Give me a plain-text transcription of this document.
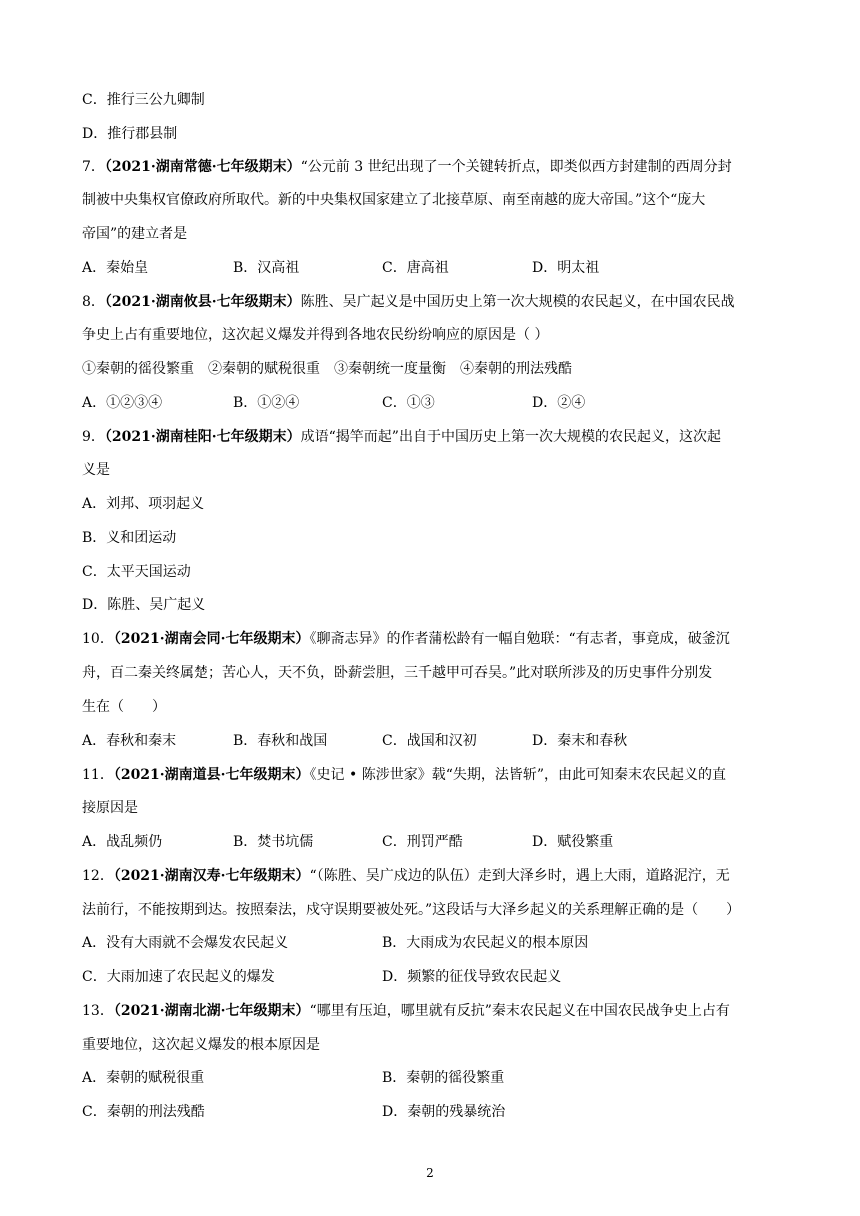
C．推行三公九卿制
D．推行郡县制
7．（2021·湖南常德·七年级期末）“公元前 3 世纪出现了一个关键转折点，即类似西方封建制的西周分封
制被中央集权官僚政府所取代。新的中央集权国家建立了北接草原、南至南越的庞大帝国。”这个“庞大
帝国”的建立者是
A．秦始皇	B．汉高祖	C．唐高祖	D．明太祖
8．（2021·湖南攸县·七年级期末）陈胜、吴广起义是中国历史上第一次大规模的农民起义，在中国农民战
争史上占有重要地位，这次起义爆发并得到各地农民纷纷响应的原因是（ ）
①秦朝的徭役繁重　②秦朝的赋税很重　③秦朝统一度量衡　④秦朝的刑法残酷
A．①②③④	B．①②④	C．①③	D．②④
9．（2021·湖南桂阳·七年级期末）成语“揭竿而起”出自于中国历史上第一次大规模的农民起义，这次起
义是
A．刘邦、项羽起义
B．义和团运动
C．太平天国运动
D．陈胜、吴广起义
10．（2021·湖南会同·七年级期末）《聊斋志异》的作者蒲松龄有一幅自勉联：“有志者，事竟成，破釜沉
舟，百二秦关终属楚；苦心人，天不负，卧薪尝胆，三千越甲可吞吴。”此对联所涉及的历史事件分别发
生在（　　）
A．春秋和秦末	B．春秋和战国	C．战国和汉初	D．秦末和春秋
11．（2021·湖南道县·七年级期末）《史记 • 陈涉世家》载“失期，法皆斩”，由此可知秦末农民起义的直
接原因是
A．战乱频仍	B．焚书坑儒	C．刑罚严酷	D．赋役繁重
12．（2021·湖南汉寿·七年级期末）“（陈胜、吴广戍边的队伍）走到大泽乡时，遇上大雨，道路泥泞，无
法前行，不能按期到达。按照秦法，戍守误期要被处死。”这段话与大泽乡起义的关系理解正确的是（　　）
A．没有大雨就不会爆发农民起义	B．大雨成为农民起义的根本原因
C．大雨加速了农民起义的爆发	D．频繁的征伐导致农民起义
13．（2021·湖南北湖·七年级期末）“哪里有压迫，哪里就有反抗”秦末农民起义在中国农民战争史上占有
重要地位，这次起义爆发的根本原因是
A．秦朝的赋税很重	B．秦朝的徭役繁重
C．秦朝的刑法残酷	D．秦朝的残暴统治
2
